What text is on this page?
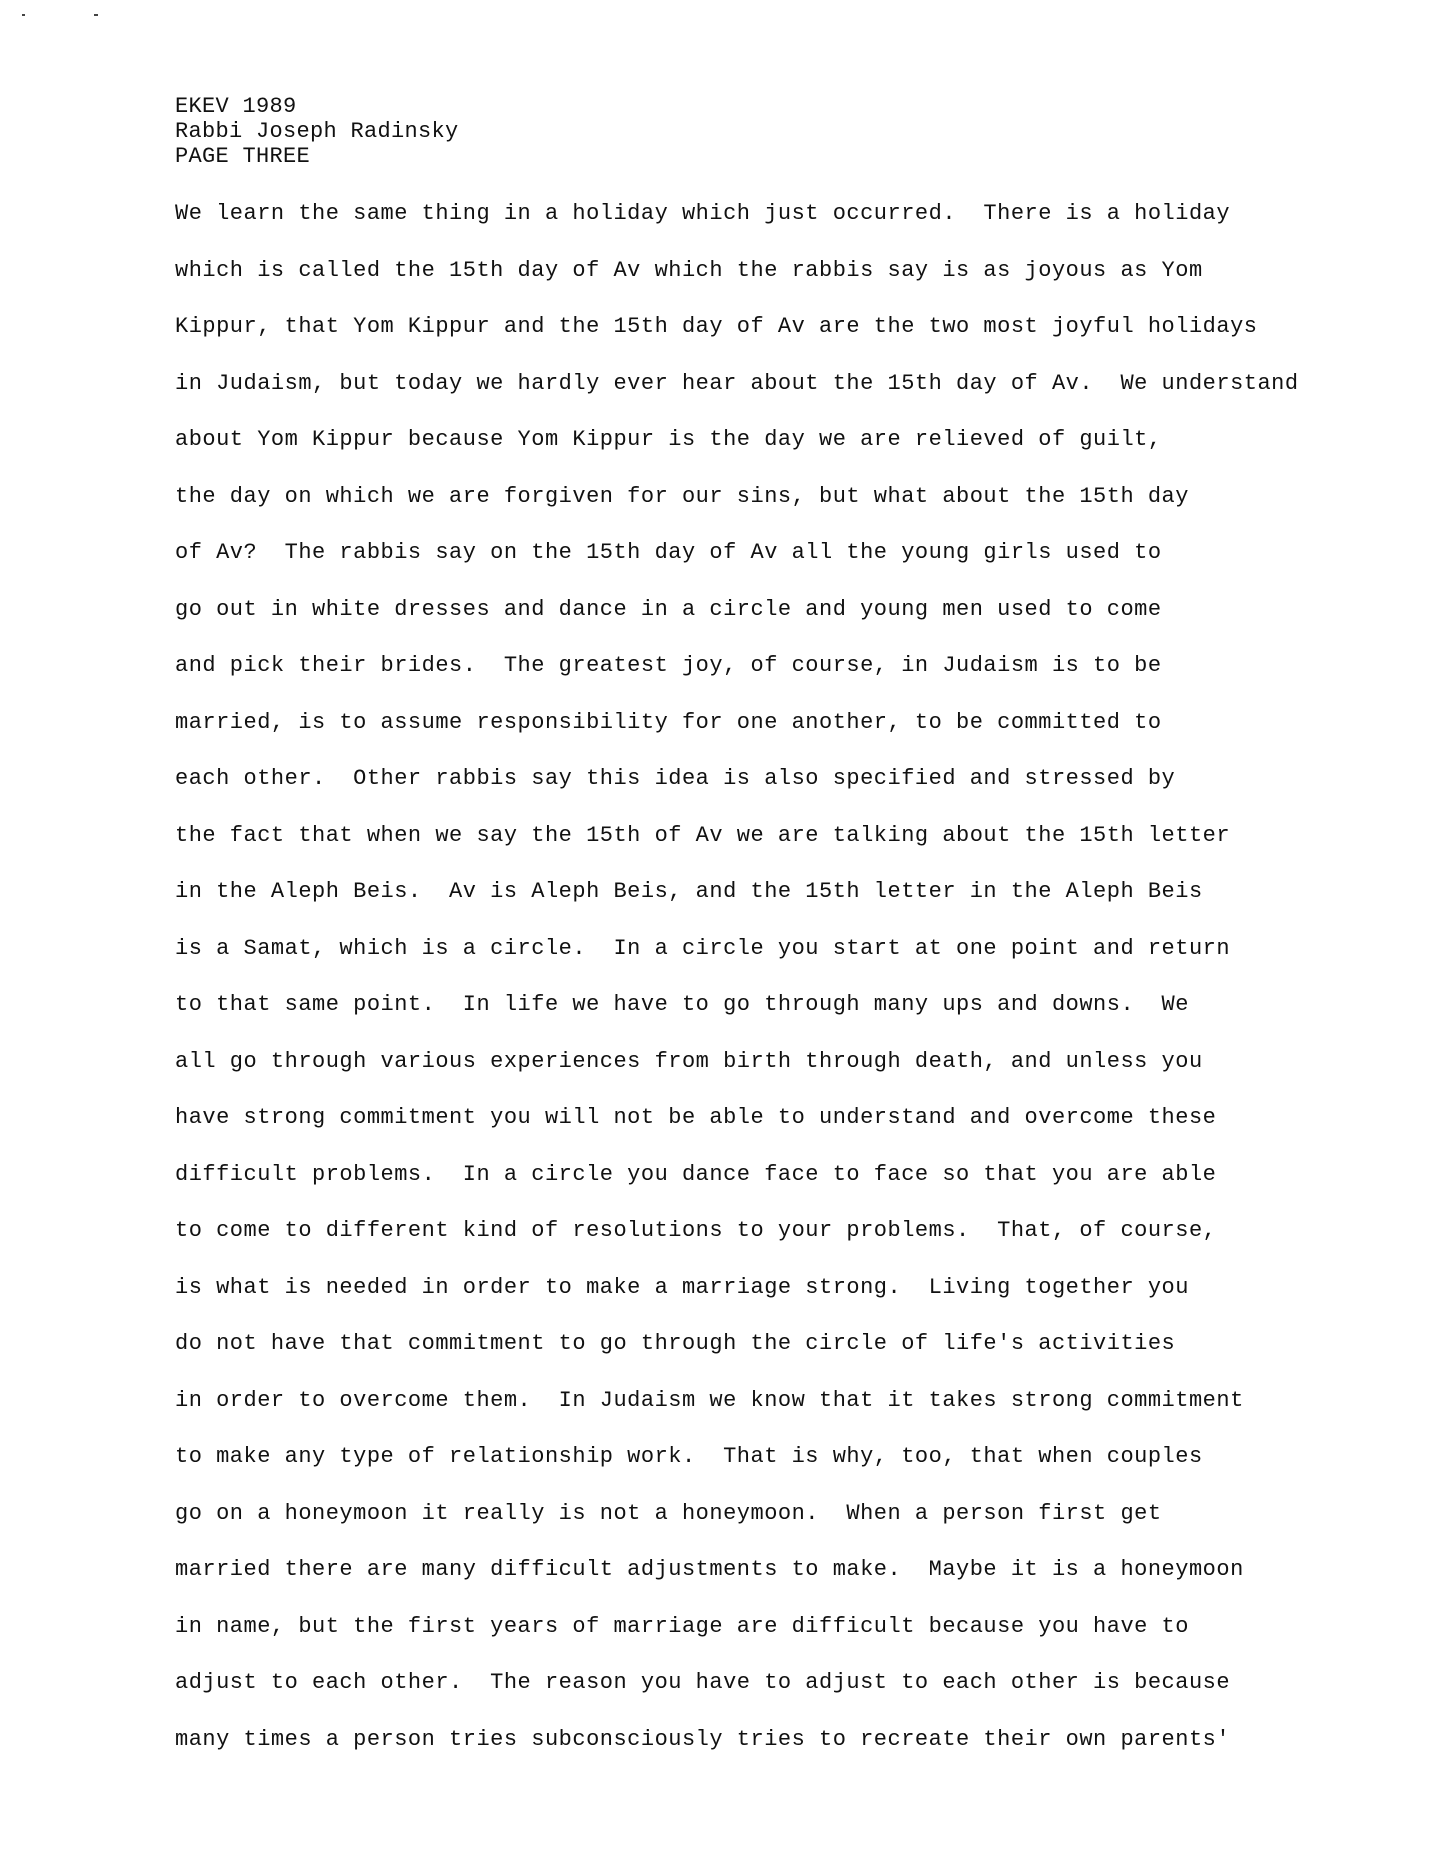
EKEV 1989
Rabbi Joseph Radinsky
PAGE THREE
We learn the same thing in a holiday which just occurred.  There is a holiday
which is called the 15th day of Av which the rabbis say is as joyous as Yom
Kippur, that Yom Kippur and the 15th day of Av are the two most joyful holidays
in Judaism, but today we hardly ever hear about the 15th day of Av.  We understand
about Yom Kippur because Yom Kippur is the day we are relieved of guilt,
the day on which we are forgiven for our sins, but what about the 15th day
of Av?  The rabbis say on the 15th day of Av all the young girls used to
go out in white dresses and dance in a circle and young men used to come
and pick their brides.  The greatest joy, of course, in Judaism is to be
married, is to assume responsibility for one another, to be committed to
each other.  Other rabbis say this idea is also specified and stressed by
the fact that when we say the 15th of Av we are talking about the 15th letter
in the Aleph Beis.  Av is Aleph Beis, and the 15th letter in the Aleph Beis
is a Samat, which is a circle.  In a circle you start at one point and return
to that same point.  In life we have to go through many ups and downs.  We
all go through various experiences from birth through death, and unless you
have strong commitment you will not be able to understand and overcome these
difficult problems.  In a circle you dance face to face so that you are able
to come to different kind of resolutions to your problems.  That, of course,
is what is needed in order to make a marriage strong.  Living together you
do not have that commitment to go through the circle of life's activities
in order to overcome them.  In Judaism we know that it takes strong commitment
to make any type of relationship work.  That is why, too, that when couples
go on a honeymoon it really is not a honeymoon.  When a person first get
married there are many difficult adjustments to make.  Maybe it is a honeymoon
in name, but the first years of marriage are difficult because you have to
adjust to each other.  The reason you have to adjust to each other is because
many times a person tries subconsciously tries to recreate their own parents'
